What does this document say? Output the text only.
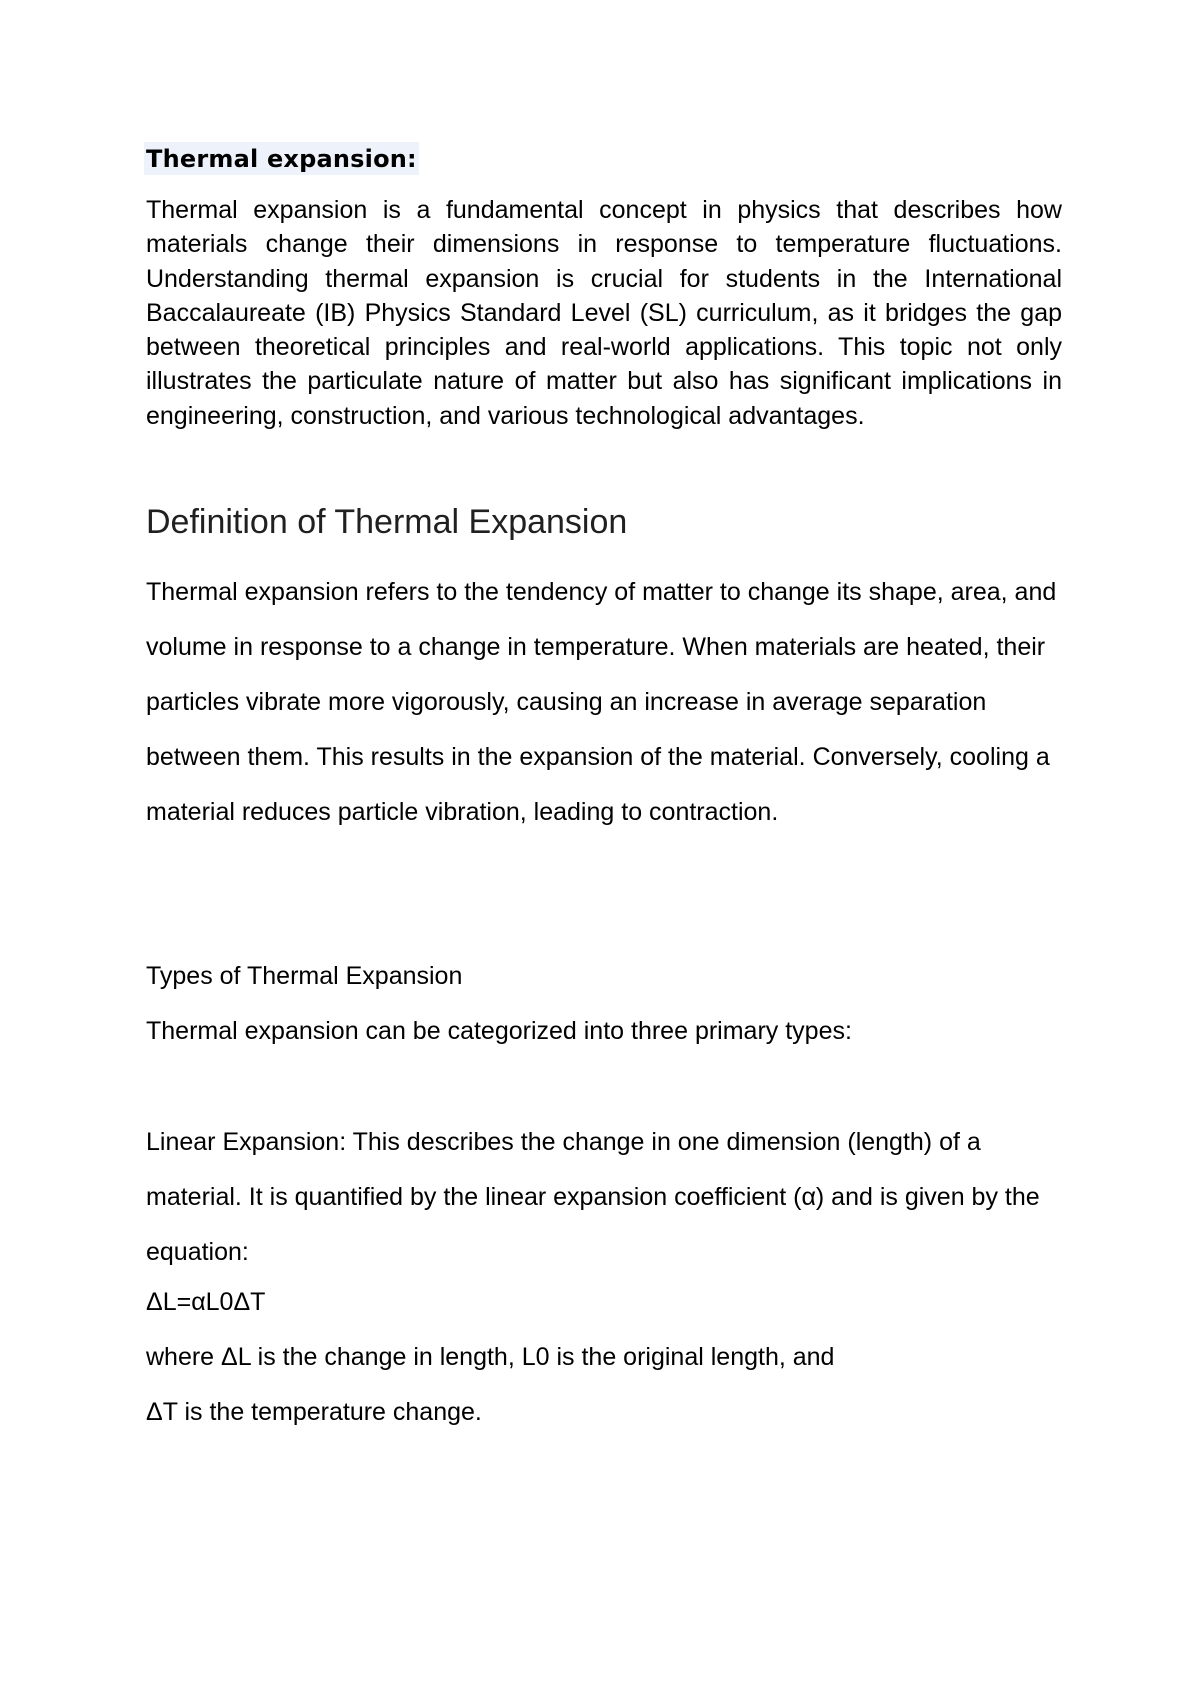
Thermal expansion:

Thermal expansion is a fundamental concept in physics that describes how materials change their dimensions in response to temperature fluctuations. Understanding thermal expansion is crucial for students in the International Baccalaureate (IB) Physics Standard Level (SL) curriculum, as it bridges the gap between theoretical principles and real-world applications. This topic not only illustrates the particulate nature of matter but also has significant implications in engineering, construction, and various technological advantages.

Definition of Thermal Expansion

Thermal expansion refers to the tendency of matter to change its shape, area, and volume in response to a change in temperature. When materials are heated, their particles vibrate more vigorously, causing an increase in average separation between them. This results in the expansion of the material. Conversely, cooling a material reduces particle vibration, leading to contraction.

Types of Thermal Expansion

Thermal expansion can be categorized into three primary types:

Linear Expansion: This describes the change in one dimension (length) of a material. It is quantified by the linear expansion coefficient (α) and is given by the equation:

ΔL=αL0ΔT

where ΔL is the change in length, L0 is the original length, and

ΔT is the temperature change.
